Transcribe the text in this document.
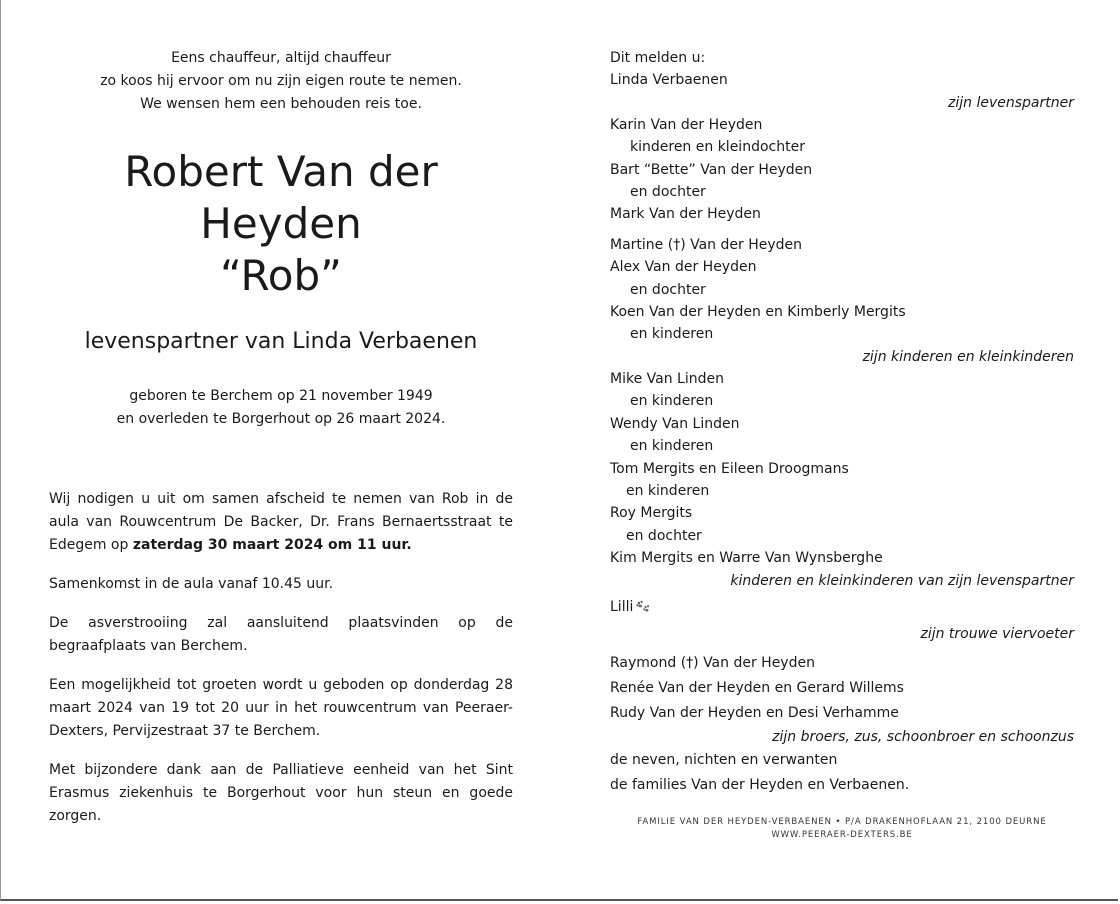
Eens chauffeur, altijd chauffeur
zo koos hij ervoor om nu zijn eigen route te nemen.
We wensen hem een behouden reis toe.
Robert Van der Heyden
“Rob”
levenspartner van Linda Verbaenen
geboren te Berchem op 21 november 1949
en overleden te Borgerhout op 26 maart 2024.
Wij nodigen u uit om samen afscheid te nemen van Rob in de aula van Rouwcentrum De Backer, Dr. Frans Bernaertsstraat te Edegem op zaterdag 30 maart 2024 om 11 uur.
Samenkomst in de aula vanaf 10.45 uur.
De asverstrooiing zal aansluitend plaatsvinden op de begraafplaats van Berchem.
Een mogelijkheid tot groeten wordt u geboden op donderdag 28 maart 2024 van 19 tot 20 uur in het rouwcentrum van Peeraer-Dexters, Pervijzestraat 37 te Berchem.
Met bijzondere dank aan de Palliatieve eenheid van het Sint Erasmus ziekenhuis te Borgerhout voor hun steun en goede zorgen.
Dit melden u:
Linda Verbaenen
zijn levenspartner
Karin Van der Heyden
kinderen en kleindochter
Bart “Bette” Van der Heyden
en dochter
Mark Van der Heyden
Martine (†) Van der Heyden
Alex Van der Heyden
en dochter
Koen Van der Heyden en Kimberly Mergits
en kinderen
zijn kinderen en kleinkinderen
Mike Van Linden
en kinderen
Wendy Van Linden
en kinderen
Tom Mergits en Eileen Droogmans
en kinderen
Roy Mergits
en dochter
Kim Mergits en Warre Van Wynsberghe
kinderen en kleinkinderen van zijn levenspartner
Lilli
zijn trouwe viervoeter
Raymond (†) Van der Heyden
Renée Van der Heyden en Gerard Willems
Rudy Van der Heyden en Desi Verhamme
zijn broers, zus, schoonbroer en schoonzus
de neven, nichten en verwanten
de families Van der Heyden en Verbaenen.
FAMILIE VAN DER HEYDEN-VERBAENEN • P/A DRAKENHOFLAAN 21, 2100 DEURNE
WWW.PEERAER-DEXTERS.BE
